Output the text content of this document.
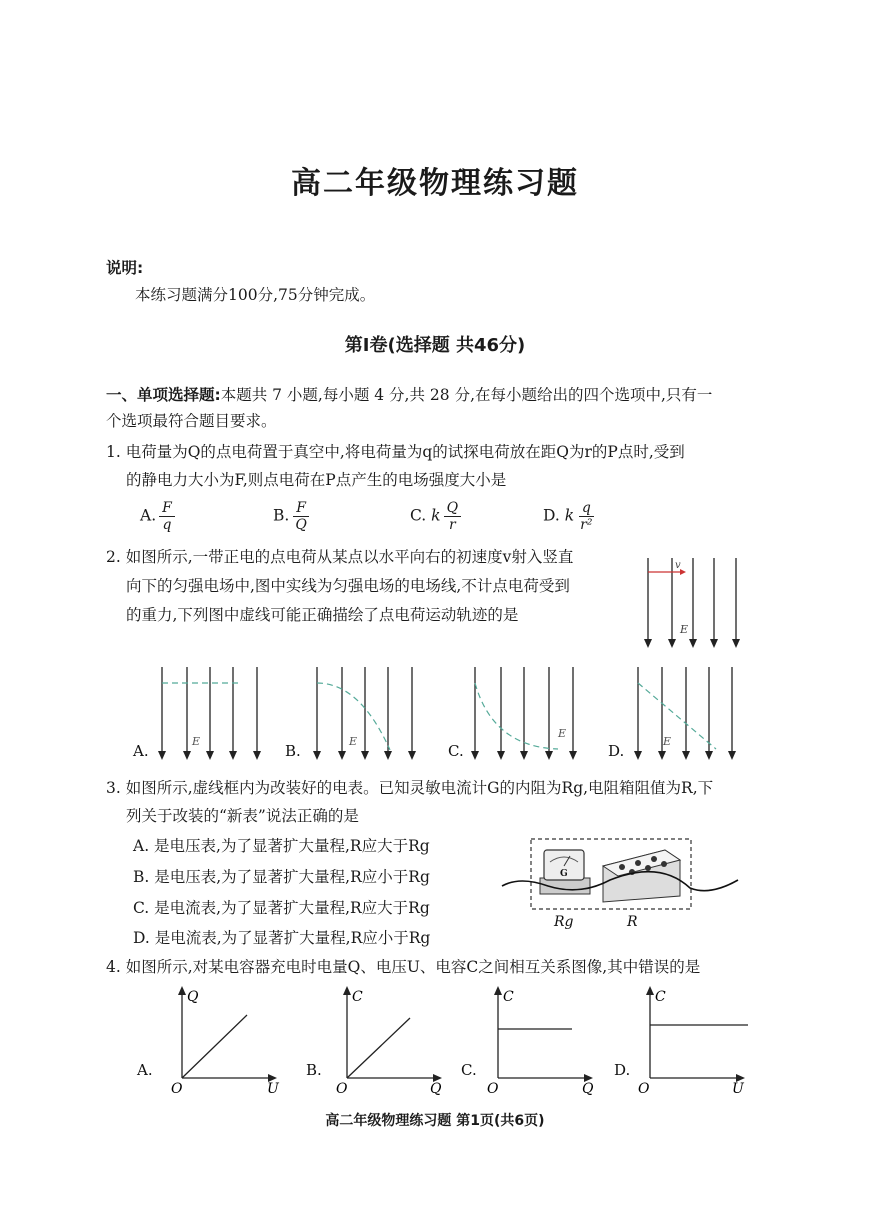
高二年级物理练习题
说明:
本练习题满分100分,75分钟完成。
第Ⅰ卷(选择题 共46分)
一、单项选择题:本题共 7 小题,每小题 4 分,共 28 分,在每小题给出的四个选项中,只有一
个选项最符合题目要求。
1. 电荷量为Q的点电荷置于真空中,将电荷量为q的试探电荷放在距Q为r的P点时,受到
的静电力大小为F,则点电荷在P点产生的电场强度大小是
A. $\frac{F}{q}$	B. $\frac{F}{Q}$	C. k $\frac{Q}{r}$	D. k $\frac{q}{\text{r²}}$
2. 如图所示,一带正电的点电荷从某点以水平向右的初速度v射入竖直
向下的匀强电场中,图中实线为匀强电场的电场线,不计点电荷受到
的重力,下列图中虚线可能正确描绘了点电荷运动轨迹的是
v
E
A.
E
B.
E
C.
E
D.
E
3. 如图所示,虚线框内为改装好的电表。已知灵敏电流计G的内阻为Rg,电阻箱阻值为R,下
列关于改装的“新表”说法正确的是
A. 是电压表,为了显著扩大量程,R应大于Rg
B. 是电压表,为了显著扩大量程,R应小于Rg
C. 是电流表,为了显著扩大量程,R应大于Rg
D. 是电流表,为了显著扩大量程,R应小于Rg
G
Rg	R
4. 如图所示,对某电容器充电时电量Q、电压U、电容C之间相互关系图像,其中错误的是
A.
Q
U
O
B.
C
Q
O
C.
C
Q
O
D.
C
U
O
高二年级物理练习题 第1页(共6页)
